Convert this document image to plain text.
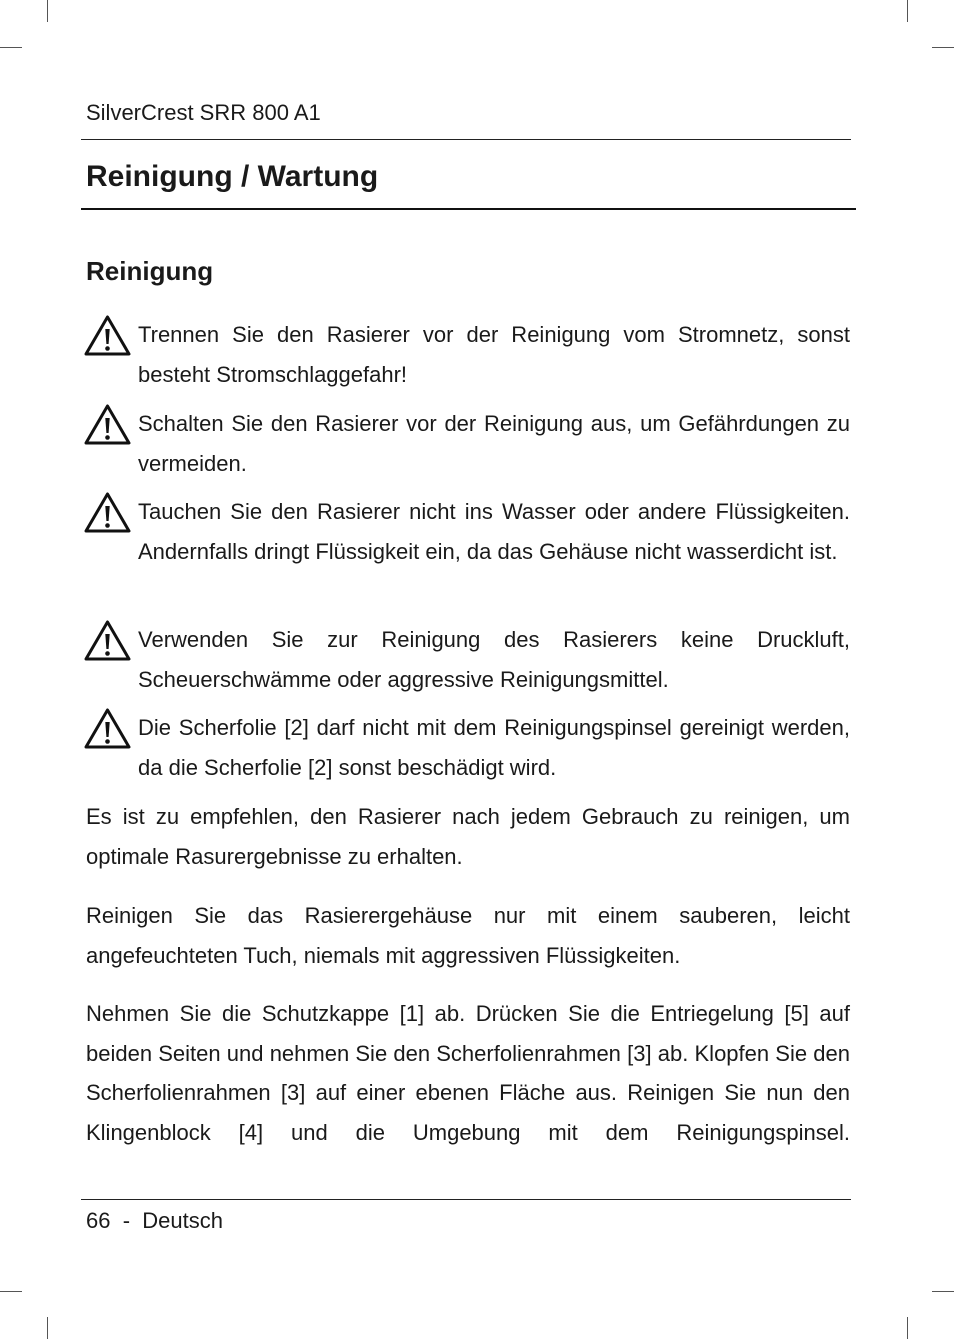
SilverCrest SRR 800 A1
Reinigung / Wartung
Reinigung
Trennen Sie den Rasierer vor der Reinigung vom Stromnetz, sonst besteht Stromschlaggefahr!
Schalten Sie den Rasierer vor der Reinigung aus, um Gefährdungen zu vermeiden.
Tauchen Sie den Rasierer nicht ins Wasser oder andere Flüssigkeiten. Andernfalls dringt Flüssigkeit ein, da das Gehäuse nicht wasserdicht ist.
Verwenden Sie zur Reinigung des Rasierers keine Druckluft, Scheuerschwämme oder aggressive Reinigungsmittel.
Die Scherfolie [2] darf nicht mit dem Reinigungspinsel gereinigt werden, da die Scherfolie [2] sonst beschädigt wird.

Es ist zu empfehlen, den Rasierer nach jedem Gebrauch zu reinigen, um optimale Rasurergebnisse zu erhalten.

Reinigen Sie das Rasierergehäuse nur mit einem sauberen, leicht angefeuchteten Tuch, niemals mit aggressiven Flüssigkeiten.

Nehmen Sie die Schutzkappe [1] ab. Drücken Sie die Entriegelung [5] auf beiden Seiten und nehmen Sie den Scherfolienrahmen [3] ab. Klopfen Sie den Scherfolienrahmen [3] auf einer ebenen Fläche aus. Reinigen Sie nun den Klingenblock [4] und die Umgebung mit dem Reinigungspinsel.

66  -  Deutsch
